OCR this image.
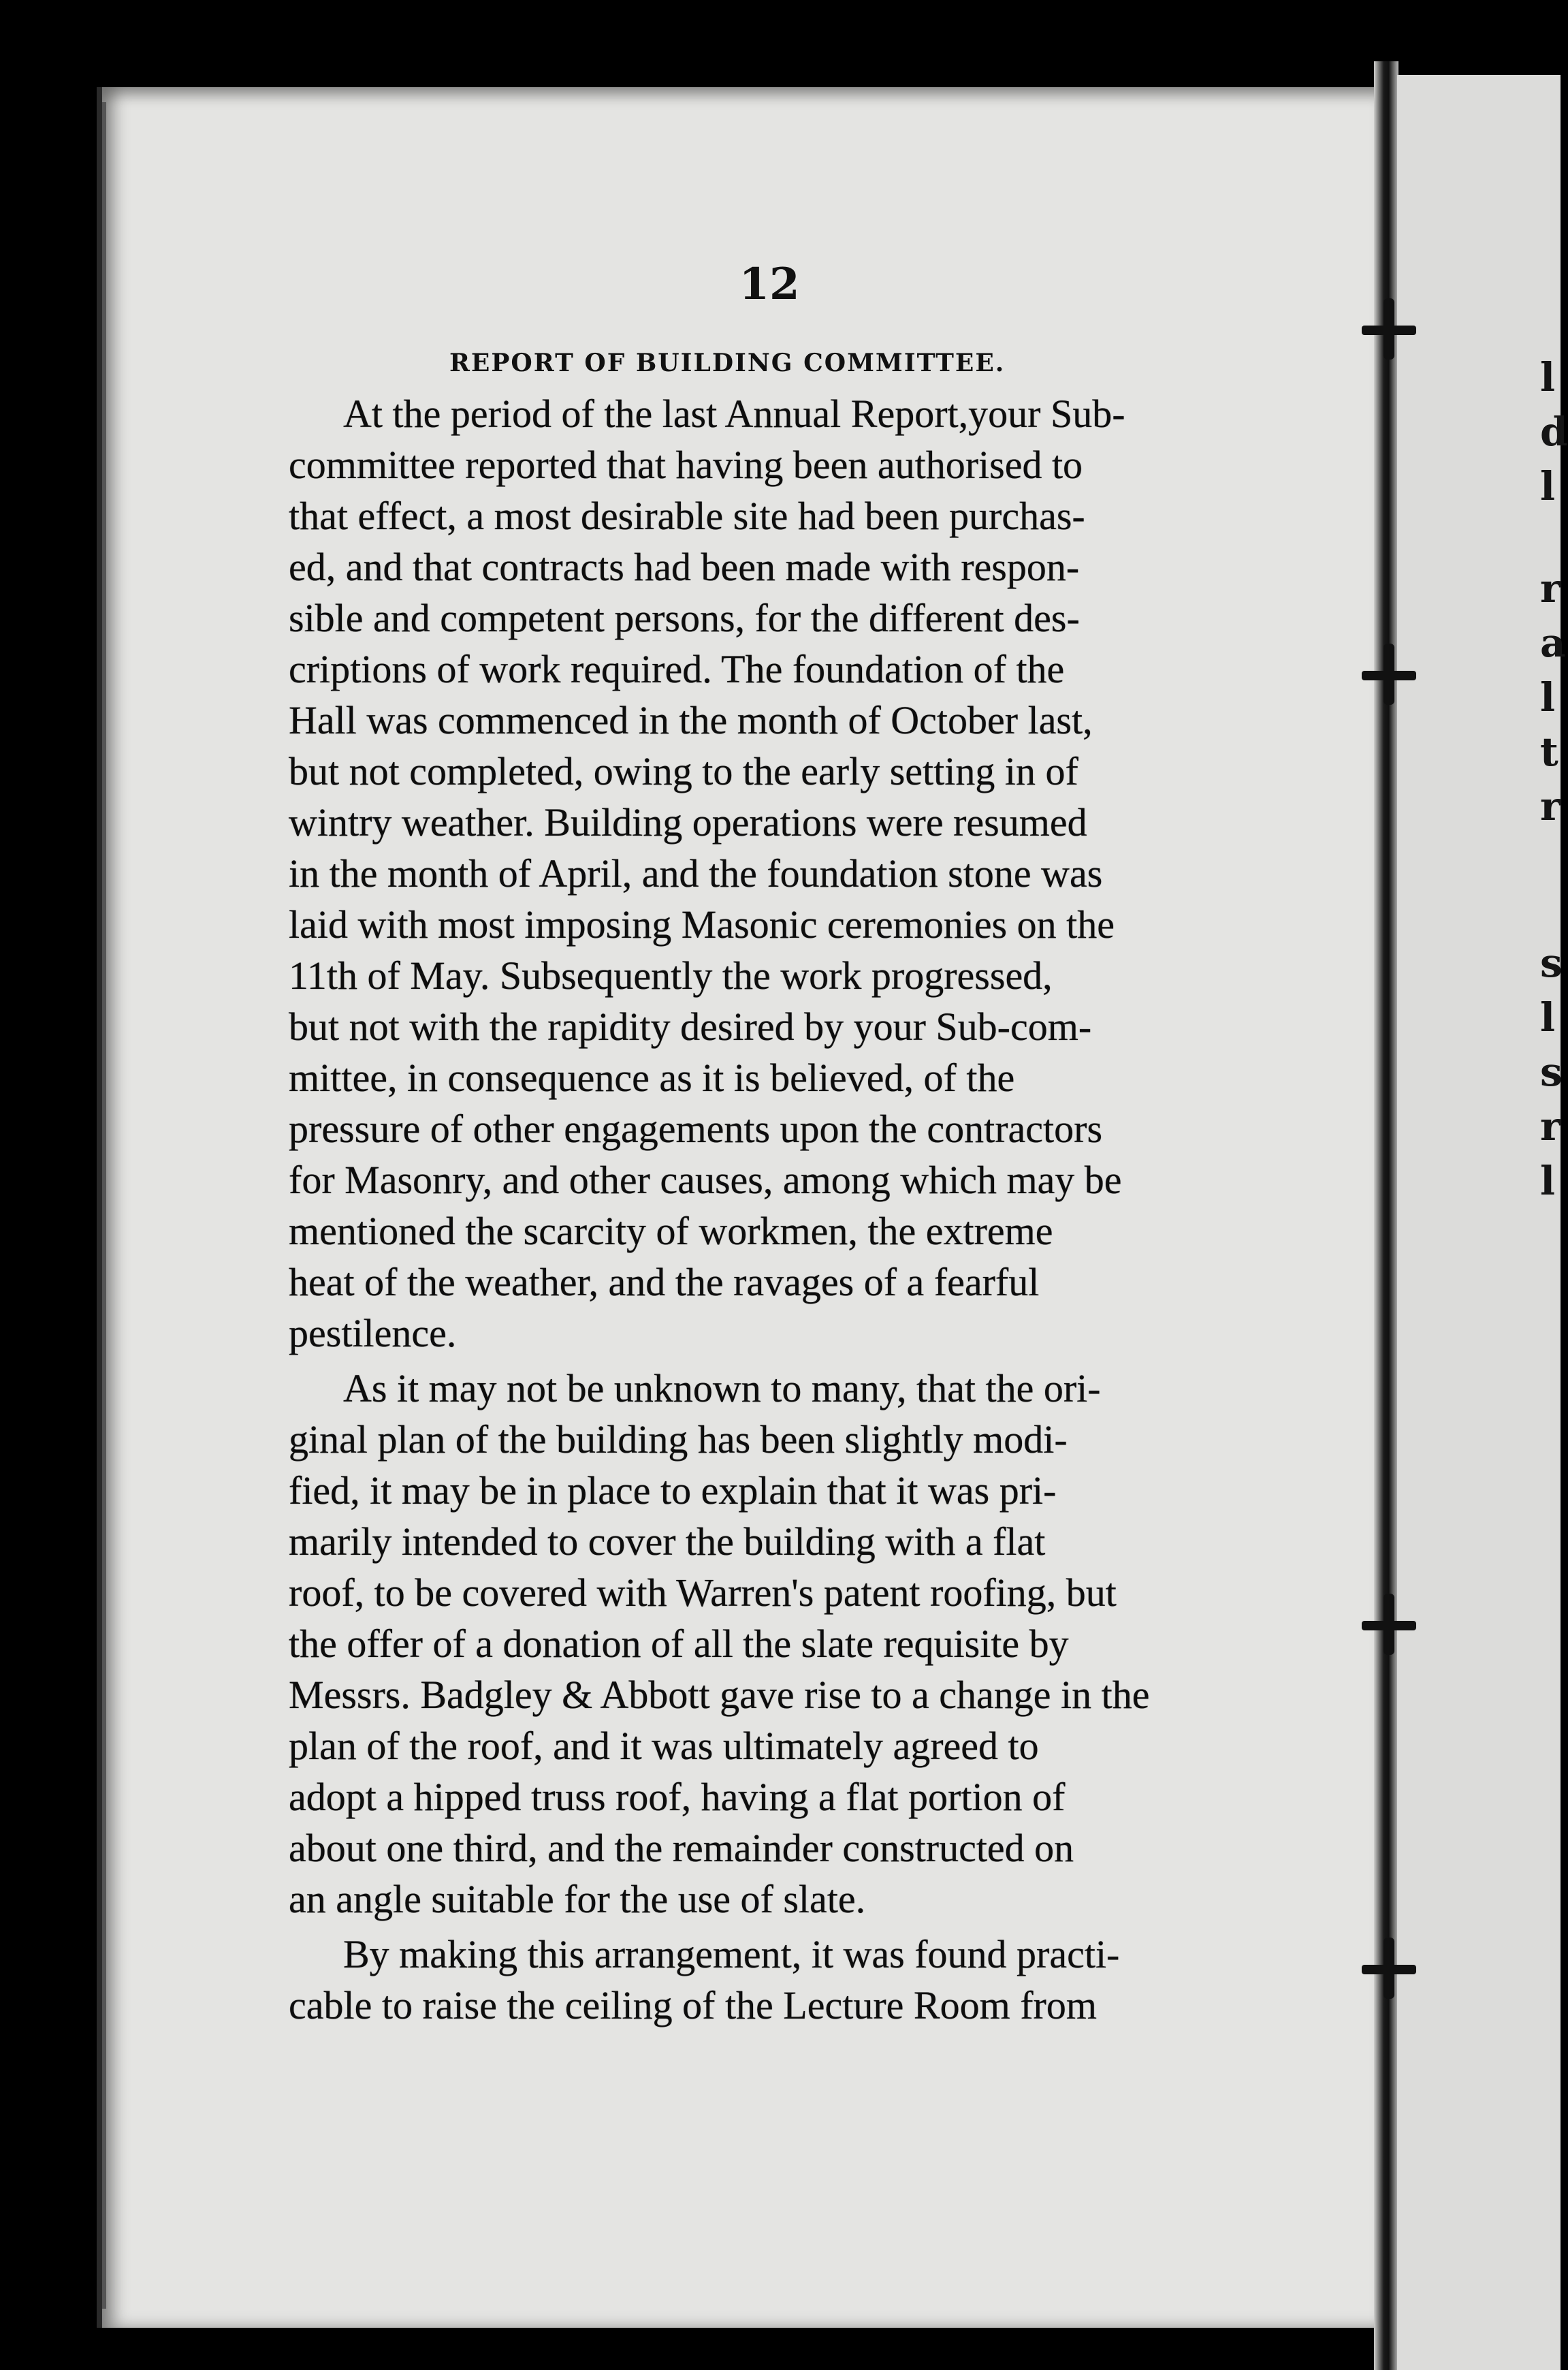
l
d
l
r
a
l
t
r
s
l
s
r
l
12
REPORT OF BUILDING COMMITTEE.
At the period of the last Annual Report,your Sub-
committee reported that having been authorised to
that effect, a most desirable site had been purchas-
ed, and that contracts had been made with respon-
sible and competent persons, for the different des-
criptions of work required. The foundation of the
Hall was commenced in the month of October last,
but not completed, owing to the early setting in of
wintry weather. Building operations were resumed
in the month of April, and the foundation stone was
laid with most imposing Masonic ceremonies on the
11th of May. Subsequently the work progressed,
but not with the rapidity desired by your Sub-com-
mittee, in consequence as it is believed, of the
pressure of other engagements upon the contractors
for Masonry, and other causes, among which may be
mentioned the scarcity of workmen, the extreme
heat of the weather, and the ravages of a fearful
pestilence.
As it may not be unknown to many, that the ori-
ginal plan of the building has been slightly modi-
fied, it may be in place to explain that it was pri-
marily intended to cover the building with a flat
roof, to be covered with Warren's patent roofing, but
the offer of a donation of all the slate requisite by
Messrs. Badgley & Abbott gave rise to a change in the
plan of the roof, and it was ultimately agreed to
adopt a hipped truss roof, having a flat portion of
about one third, and the remainder constructed on
an angle suitable for the use of slate.
By making this arrangement, it was found practi-
cable to raise the ceiling of the Lecture Room from
